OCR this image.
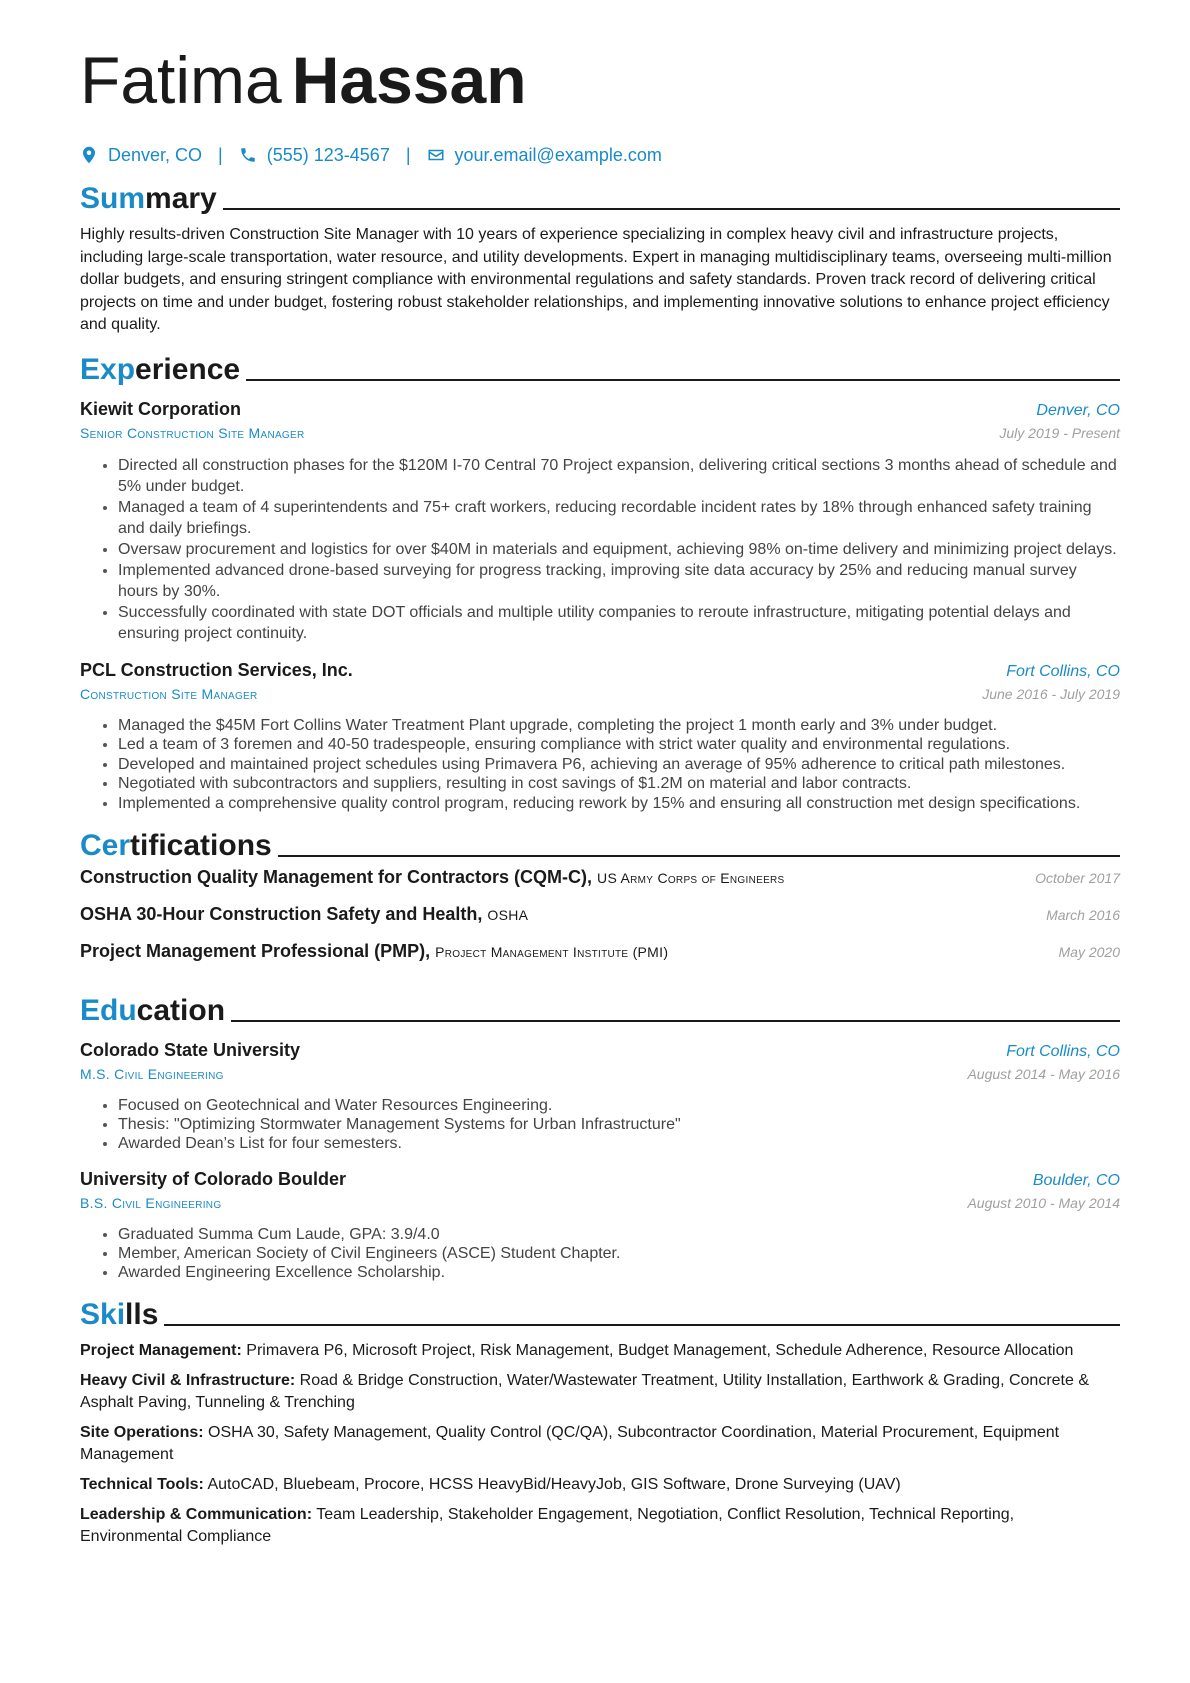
Fatima Hassan
Denver, CO | (555) 123-4567 | your.email@example.com
Summary

Highly results-driven Construction Site Manager with 10 years of experience specializing in complex heavy civil and infrastructure projects, including large-scale transportation, water resource, and utility developments. Expert in managing multidisciplinary teams, overseeing multi-million dollar budgets, and ensuring stringent compliance with environmental regulations and safety standards. Proven track record of delivering critical projects on time and under budget, fostering robust stakeholder relationships, and implementing innovative solutions to enhance project efficiency and quality.

Experience
Kiewit Corporation	Denver, CO
Senior Construction Site Manager	July 2019 - Present
• Directed all construction phases for the $120M I-70 Central 70 Project expansion, delivering critical sections 3 months ahead of schedule and 5% under budget.
• Managed a team of 4 superintendents and 75+ craft workers, reducing recordable incident rates by 18% through enhanced safety training and daily briefings.
• Oversaw procurement and logistics for over $40M in materials and equipment, achieving 98% on-time delivery and minimizing project delays.
• Implemented advanced drone-based surveying for progress tracking, improving site data accuracy by 25% and reducing manual survey hours by 30%.
• Successfully coordinated with state DOT officials and multiple utility companies to reroute infrastructure, mitigating potential delays and ensuring project continuity.
PCL Construction Services, Inc.	Fort Collins, CO
Construction Site Manager	June 2016 - July 2019
• Managed the $45M Fort Collins Water Treatment Plant upgrade, completing the project 1 month early and 3% under budget.
• Led a team of 3 foremen and 40-50 tradespeople, ensuring compliance with strict water quality and environmental regulations.
• Developed and maintained project schedules using Primavera P6, achieving an average of 95% adherence to critical path milestones.
• Negotiated with subcontractors and suppliers, resulting in cost savings of $1.2M on material and labor contracts.
• Implemented a comprehensive quality control program, reducing rework by 15% and ensuring all construction met design specifications.
Certifications
Construction Quality Management for Contractors (CQM-C), US Army Corps of Engineers	October 2017
OSHA 30-Hour Construction Safety and Health, OSHA	March 2016
Project Management Professional (PMP), Project Management Institute (PMI)	May 2020
Education
Colorado State University	Fort Collins, CO
M.S. Civil Engineering	August 2014 - May 2016
• Focused on Geotechnical and Water Resources Engineering.
• Thesis: "Optimizing Stormwater Management Systems for Urban Infrastructure"
• Awarded Dean’s List for four semesters.
University of Colorado Boulder	Boulder, CO
B.S. Civil Engineering	August 2010 - May 2014
• Graduated Summa Cum Laude, GPA: 3.9/4.0
• Member, American Society of Civil Engineers (ASCE) Student Chapter.
• Awarded Engineering Excellence Scholarship.
Skills
Project Management: Primavera P6, Microsoft Project, Risk Management, Budget Management, Schedule Adherence, Resource Allocation
Heavy Civil & Infrastructure: Road & Bridge Construction, Water/Wastewater Treatment, Utility Installation, Earthwork & Grading, Concrete & Asphalt Paving, Tunneling & Trenching
Site Operations: OSHA 30, Safety Management, Quality Control (QC/QA), Subcontractor Coordination, Material Procurement, Equipment Management
Technical Tools: AutoCAD, Bluebeam, Procore, HCSS HeavyBid/HeavyJob, GIS Software, Drone Surveying (UAV)
Leadership & Communication: Team Leadership, Stakeholder Engagement, Negotiation, Conflict Resolution, Technical Reporting, Environmental Compliance
